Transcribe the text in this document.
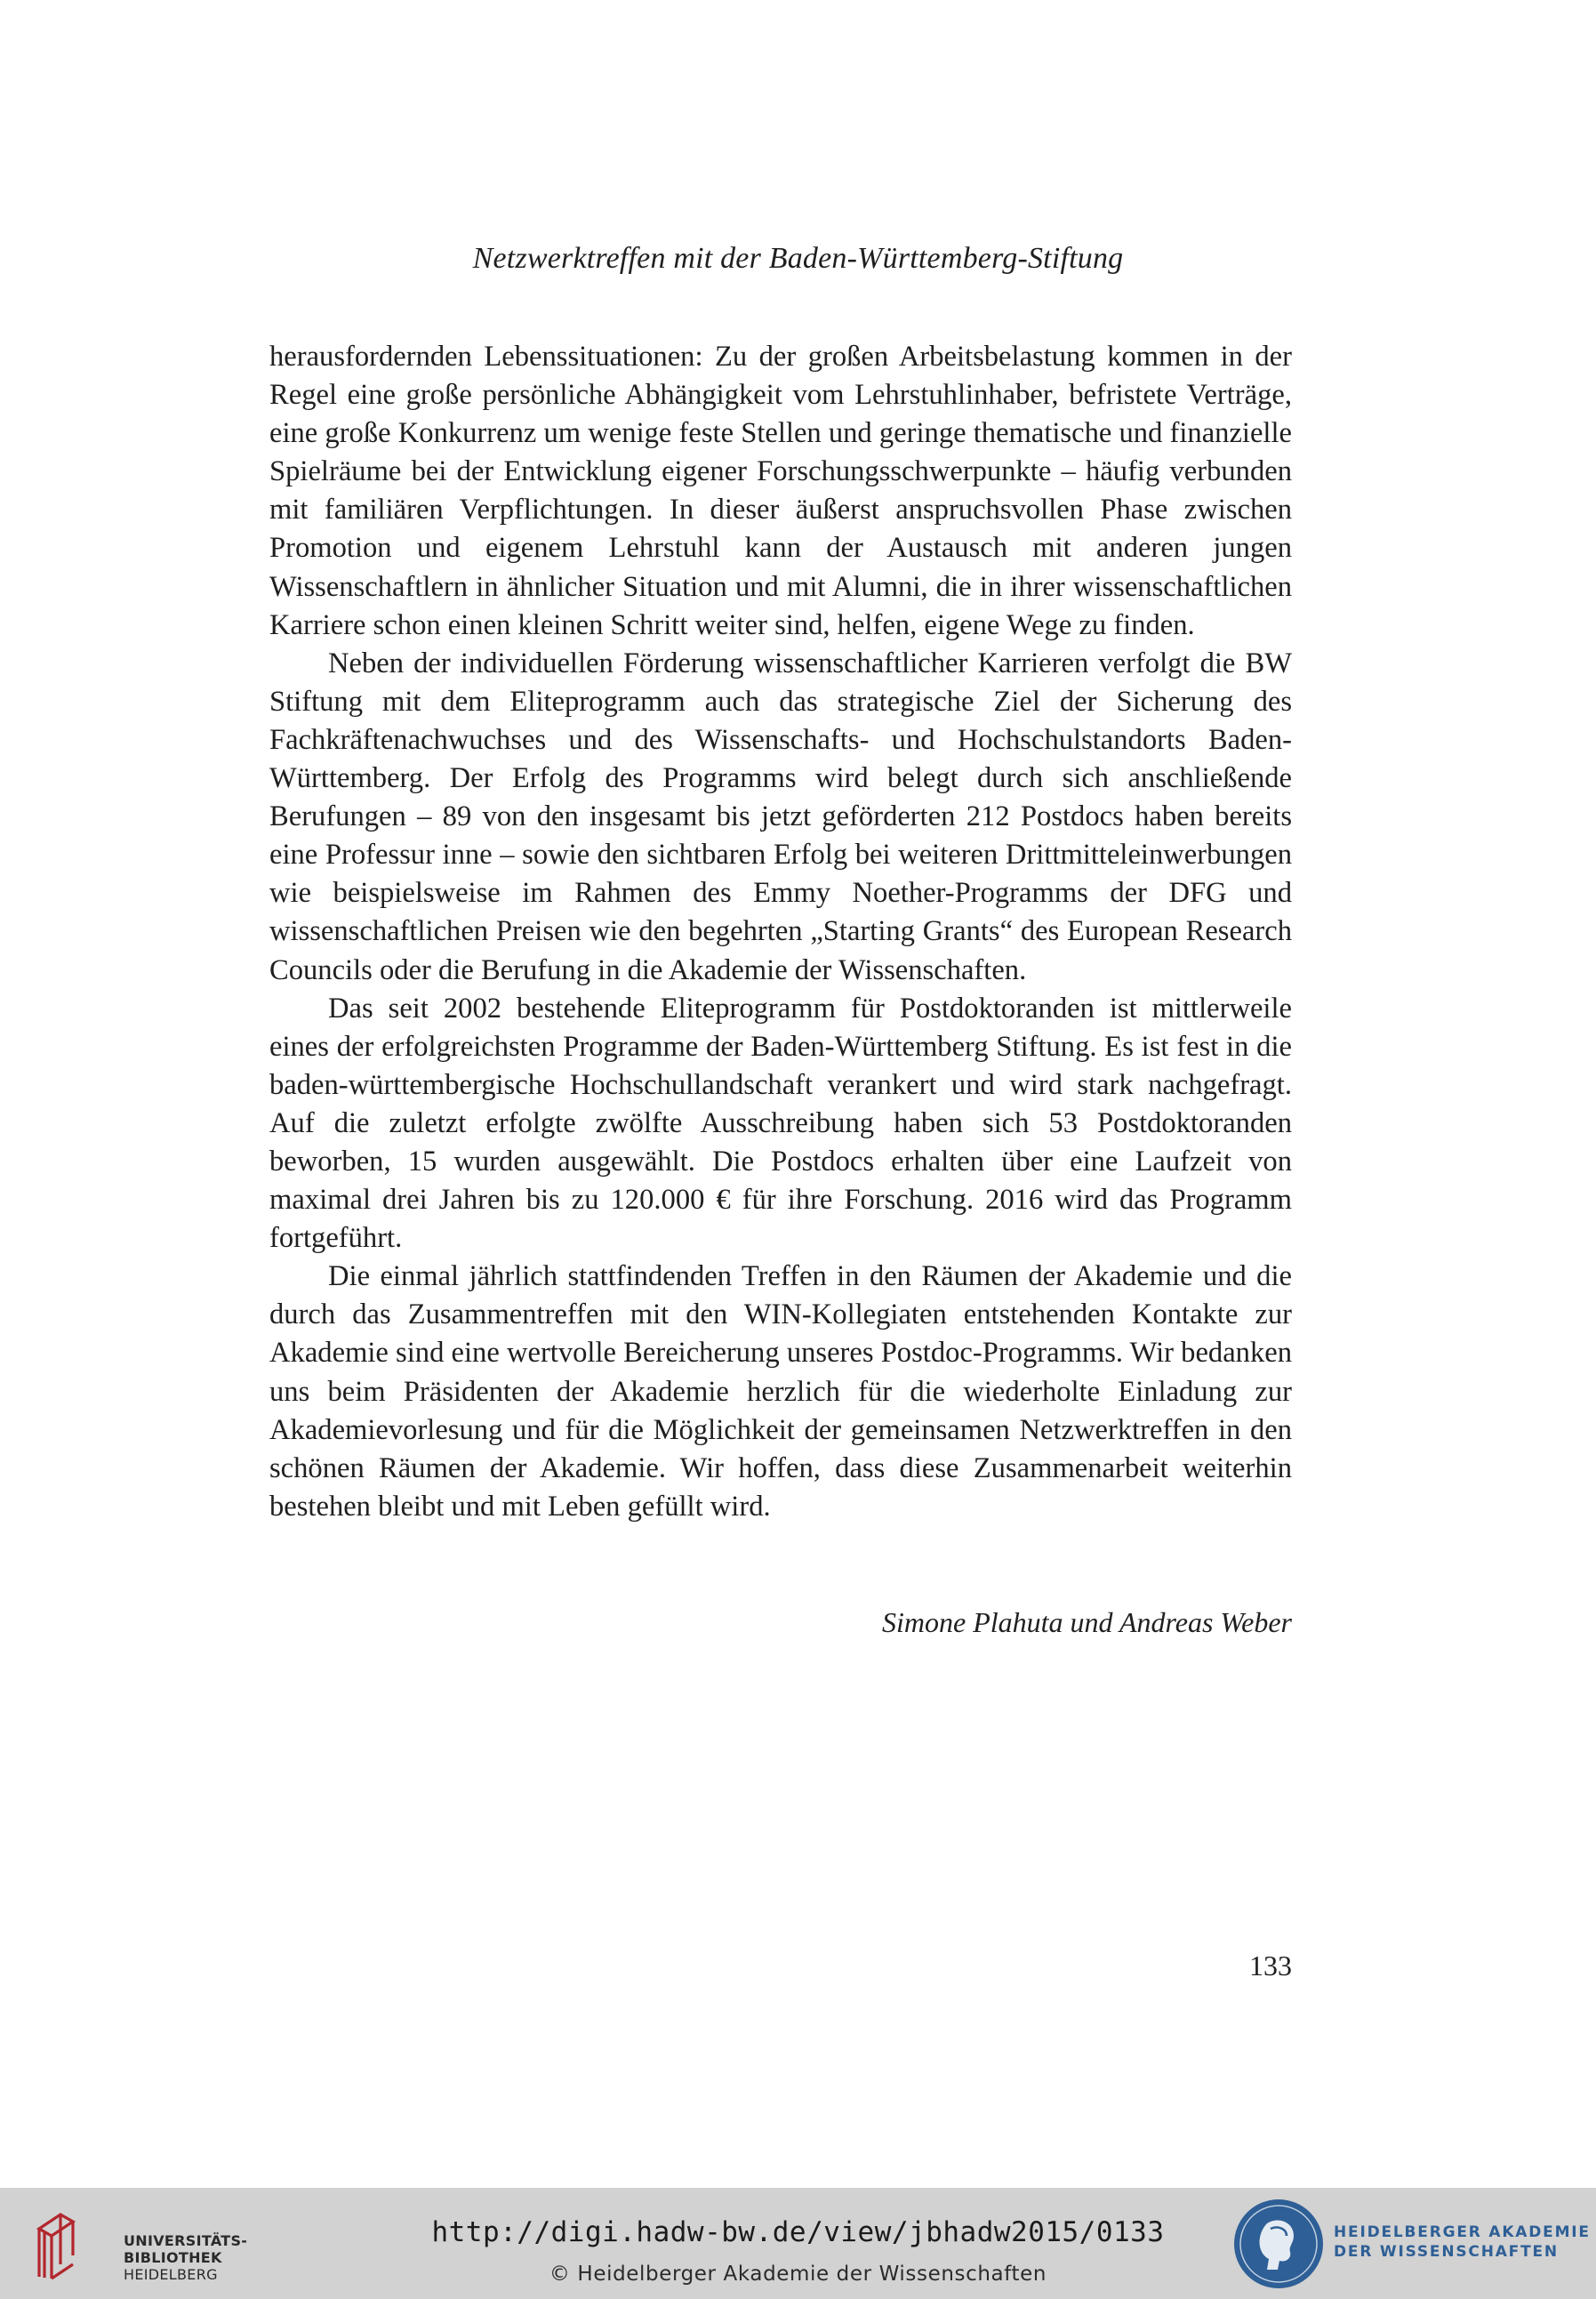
Netzwerktreffen mit der Baden-Württemberg-Stiftung

herausfordernden Lebenssituationen: Zu der großen Arbeitsbelastung kommen in der Regel eine große persönliche Abhängigkeit vom Lehrstuhlinhaber, befristete Verträge, eine große Konkurrenz um wenige feste Stellen und geringe thematische und finanzielle Spielräume bei der Entwicklung eigener Forschungsschwerpunkte – häufig verbunden mit familiären Verpflichtungen. In dieser äußerst anspruchsvollen Phase zwischen Promotion und eigenem Lehrstuhl kann der Austausch mit anderen jungen Wissenschaftlern in ähnlicher Situation und mit Alumni, die in ihrer wissenschaftlichen Karriere schon einen kleinen Schritt weiter sind, helfen, eigene Wege zu finden.

Neben der individuellen Förderung wissenschaftlicher Karrieren verfolgt die BW Stiftung mit dem Eliteprogramm auch das strategische Ziel der Sicherung des Fachkräftenachwuchses und des Wissenschafts- und Hochschulstandorts Baden-Württemberg. Der Erfolg des Programms wird belegt durch sich anschließende Berufungen – 89 von den insgesamt bis jetzt geförderten 212 Postdocs haben bereits eine Professur inne – sowie den sichtbaren Erfolg bei weiteren Drittmitteleinwerbungen wie beispielsweise im Rahmen des Emmy Noether-Programms der DFG und wissenschaftlichen Preisen wie den begehrten „Starting Grants“ des European Research Councils oder die Berufung in die Akademie der Wissenschaften.

Das seit 2002 bestehende Eliteprogramm für Postdoktoranden ist mittlerweile eines der erfolgreichsten Programme der Baden-Württemberg Stiftung. Es ist fest in die baden-württembergische Hochschullandschaft verankert und wird stark nachgefragt. Auf die zuletzt erfolgte zwölfte Ausschreibung haben sich 53 Postdoktoranden beworben, 15 wurden ausgewählt. Die Postdocs erhalten über eine Laufzeit von maximal drei Jahren bis zu 120.000 € für ihre Forschung. 2016 wird das Programm fortgeführt.

Die einmal jährlich stattfindenden Treffen in den Räumen der Akademie und die durch das Zusammentreffen mit den WIN-Kollegiaten entstehenden Kontakte zur Akademie sind eine wertvolle Bereicherung unseres Postdoc-Programms. Wir bedanken uns beim Präsidenten der Akademie herzlich für die wiederholte Einladung zur Akademievorlesung und für die Möglichkeit der gemeinsamen Netzwerktreffen in den schönen Räumen der Akademie. Wir hoffen, dass diese Zusammenarbeit weiterhin bestehen bleibt und mit Leben gefüllt wird.

Simone Plahuta und Andreas Weber
133
UNIVERSITÄTS-
BIBLIOTHEK
HEIDELBERG
http://digi.hadw-bw.de/view/jbhadw2015/0133
© Heidelberger Akademie der Wissenschaften
HEIDELBERGER AKADEMIE
DER WISSENSCHAFTEN
